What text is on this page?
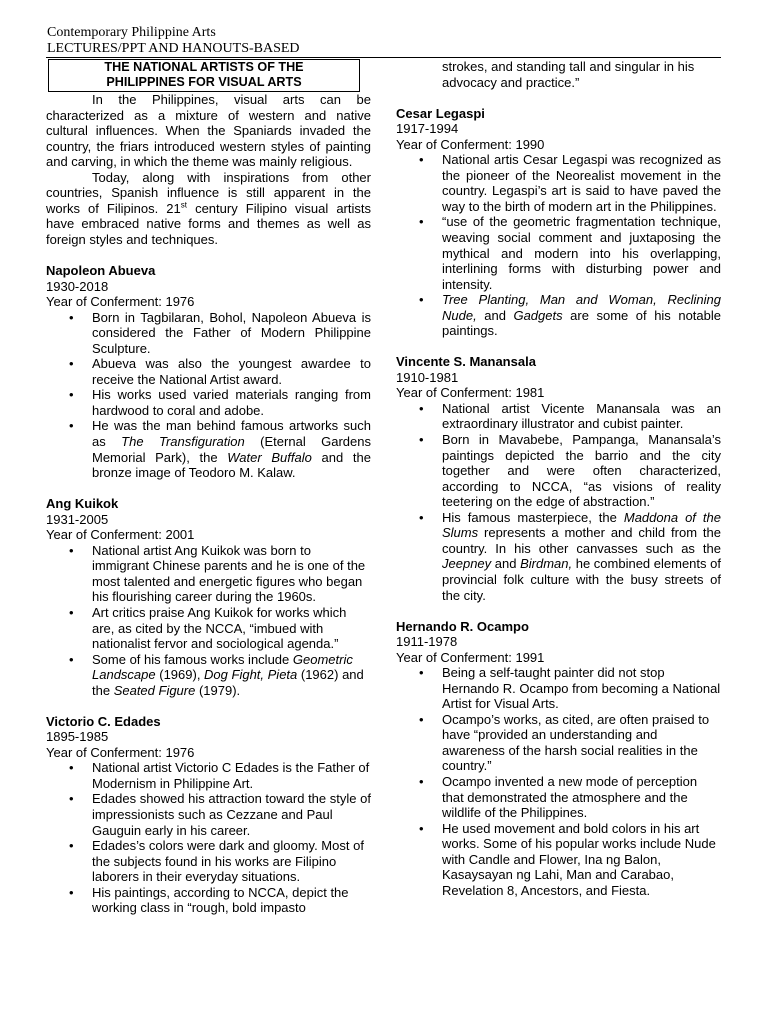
Contemporary Philippine Arts
LECTURES/PPT AND HANOUTS-BASED
THE NATIONAL ARTISTS OF THE
PHILIPPINES FOR VISUAL ARTS

In the Philippines, visual arts can be characterized as a mixture of western and native cultural influences. When the Spaniards invaded the country, the friars introduced western styles of painting and carving, in which the theme was mainly religious.

Today, along with inspirations from other countries, Spanish influence is still apparent in the works of Filipinos. 21st century Filipino visual artists have embraced native forms and themes as well as foreign styles and techniques.

Napoleon Abueva
1930-2018
Year of Conferment: 1976
• Born in Tagbilaran, Bohol, Napoleon Abueva is considered the Father of Modern Philippine Sculpture.
• Abueva was also the youngest awardee to receive the National Artist award.
• His works used varied materials ranging from hardwood to coral and adobe.
• He was the man behind famous artworks such as The Transfiguration (Eternal Gardens Memorial Park), the Water Buffalo and the bronze image of Teodoro M. Kalaw.
Ang Kuikok
1931-2005
Year of Conferment: 2001
• National artist Ang Kuikok was born to immigrant Chinese parents and he is one of the most talented and energetic figures who began his flourishing career during the 1960s.
• Art critics praise Ang Kuikok for works which are, as cited by the NCCA, “imbued with nationalist fervor and sociological agenda.”
• Some of his famous works include Geometric Landscape (1969), Dog Fight, Pieta (1962) and the Seated Figure (1979).
Victorio C. Edades
1895-1985
Year of Conferment: 1976
• National artist Victorio C Edades is the Father of Modernism in Philippine Art.
• Edades showed his attraction toward the style of impressionists such as Cezzane and Paul Gauguin early in his career.
• Edades’s colors were dark and gloomy. Most of the subjects found in his works are Filipino laborers in their everyday situations.
• His paintings, according to NCCA, depict the working class in “rough, bold impasto
strokes, and standing tall and singular in his advocacy and practice.”
Cesar Legaspi
1917-1994
Year of Conferment: 1990
• National artis Cesar Legaspi was recognized as the pioneer of the Neorealist movement in the country. Legaspi’s art is said to have paved the way to the birth of modern art in the Philippines.
• “use of the geometric fragmentation technique, weaving social comment and juxtaposing the mythical and modern into his overlapping, interlining forms with disturbing power and intensity.
• Tree Planting, Man and Woman, Reclining Nude, and Gadgets are some of his notable paintings.
Vincente S. Manansala
1910-1981
Year of Conferment: 1981
• National artist Vicente Manansala was an extraordinary illustrator and cubist painter.
• Born in Mavabebe, Pampanga, Manansala’s paintings depicted the barrio and the city together and were often characterized, according to NCCA, “as visions of reality teetering on the edge of abstraction.”
• His famous masterpiece, the Maddona of the Slums represents a mother and child from the country. In his other canvasses such as the Jeepney and Birdman, he combined elements of provincial folk culture with the busy streets of the city.
Hernando R. Ocampo
1911-1978
Year of Conferment: 1991
• Being a self-taught painter did not stop Hernando R. Ocampo from becoming a National Artist for Visual Arts.
• Ocampo’s works, as cited, are often praised to have “provided an understanding and awareness of the harsh social realities in the country.”
• Ocampo invented a new mode of perception that demonstrated the atmosphere and the wildlife of the Philippines.
• He used movement and bold colors in his art works. Some of his popular works include Nude with Candle and Flower, Ina ng Balon, Kasaysayan ng Lahi, Man and Carabao, Revelation 8, Ancestors, and Fiesta.
